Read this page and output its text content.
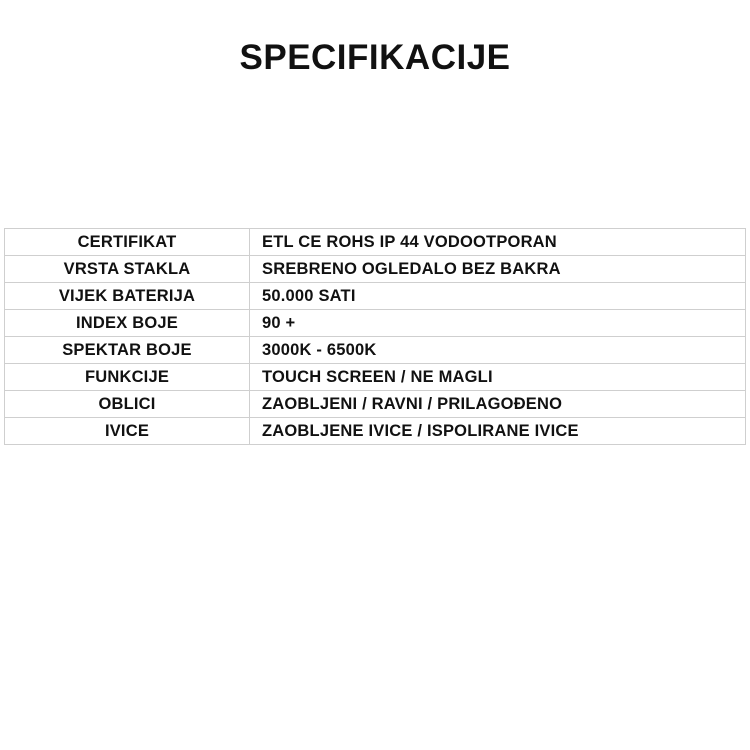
SPECIFIKACIJE
CERTIFIKAT	ETL CE ROHS IP 44 VODOOTPORAN
VRSTA STAKLA	SREBRENO OGLEDALO BEZ BAKRA
VIJEK BATERIJA	50.000 SATI
INDEX BOJE	90 +
SPEKTAR BOJE	3000K - 6500K
FUNKCIJE	TOUCH SCREEN / NE MAGLI
OBLICI	ZAOBLJENI / RAVNI / PRILAGOĐENO
IVICE	ZAOBLJENE IVICE / ISPOLIRANE IVICE
